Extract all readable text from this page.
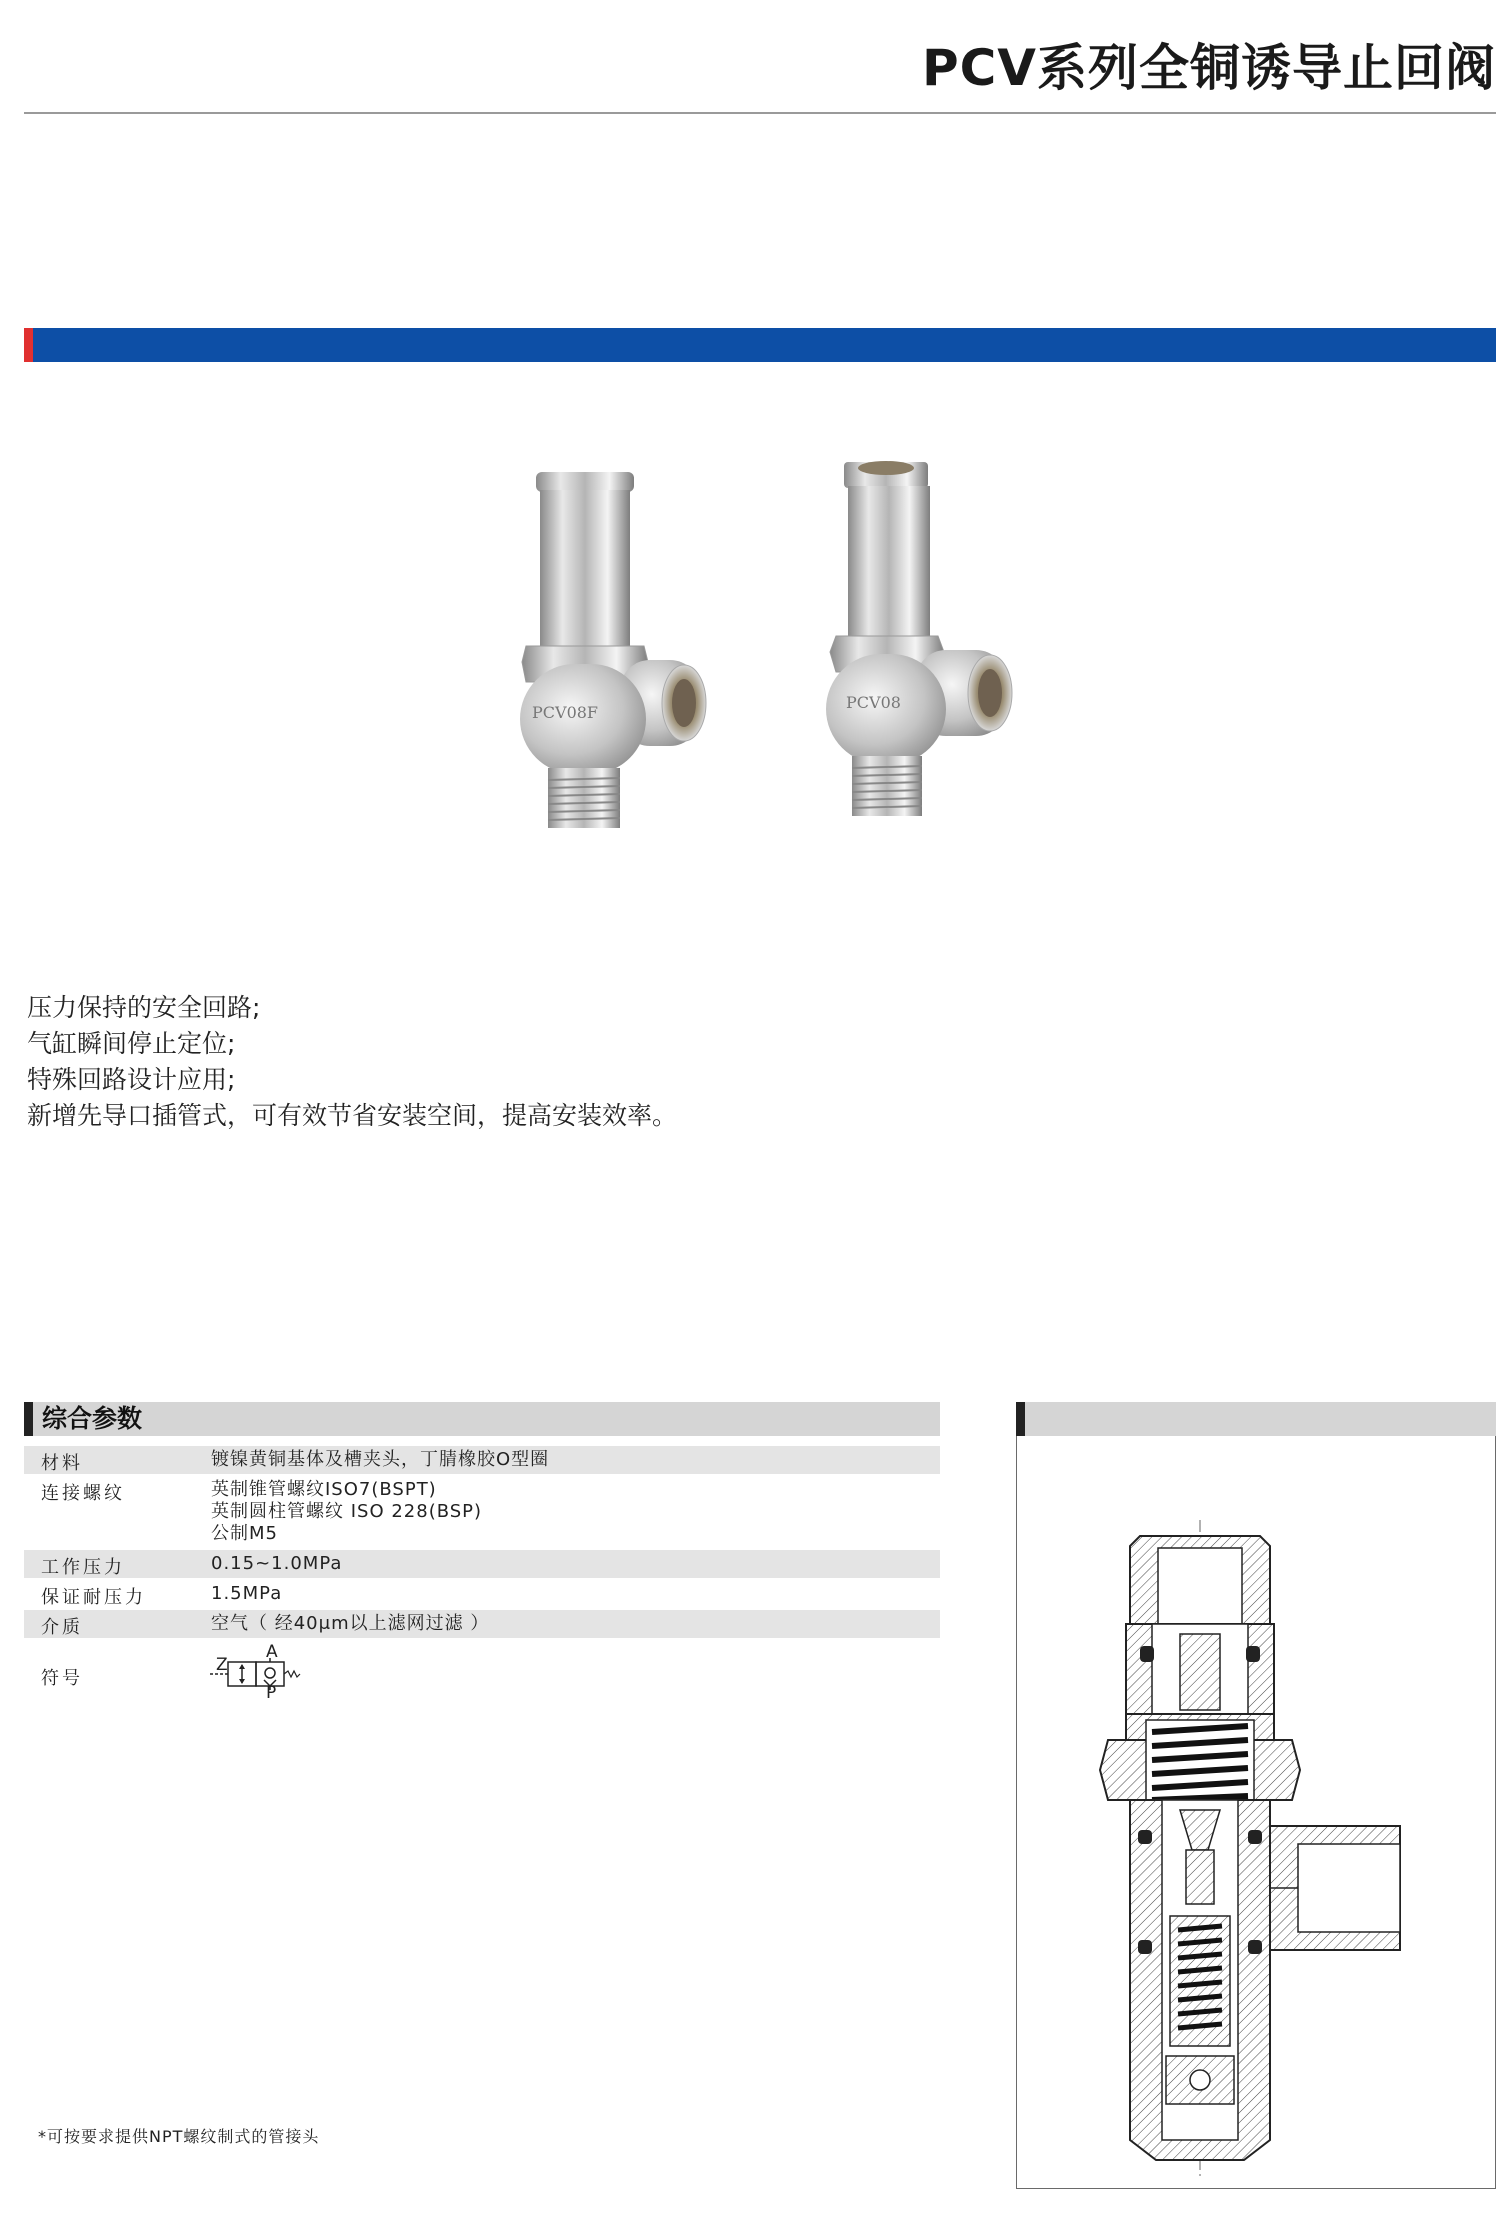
PCV系列全铜诱导止回阀
PCV08F
PCV08
压力保持的安全回路;
气缸瞬间停止定位;
特殊回路设计应用;
新增先导口插管式，可有效节省安装空间，提高安装效率。
综合参数
材料	镀镍黄铜基体及槽夹头，丁腈橡胶O型圈
连接螺纹	英制锥管螺纹ISO7(BSPT)
英制圆柱管螺纹 ISO 228(BSP)
公制M5
工作压力	0.15~1.0MPa
保证耐压力	1.5MPa
介质	空气（ 经40μm以上滤网过滤 ）
符号
Z
A
P
*可按要求提供NPT螺纹制式的管接头
